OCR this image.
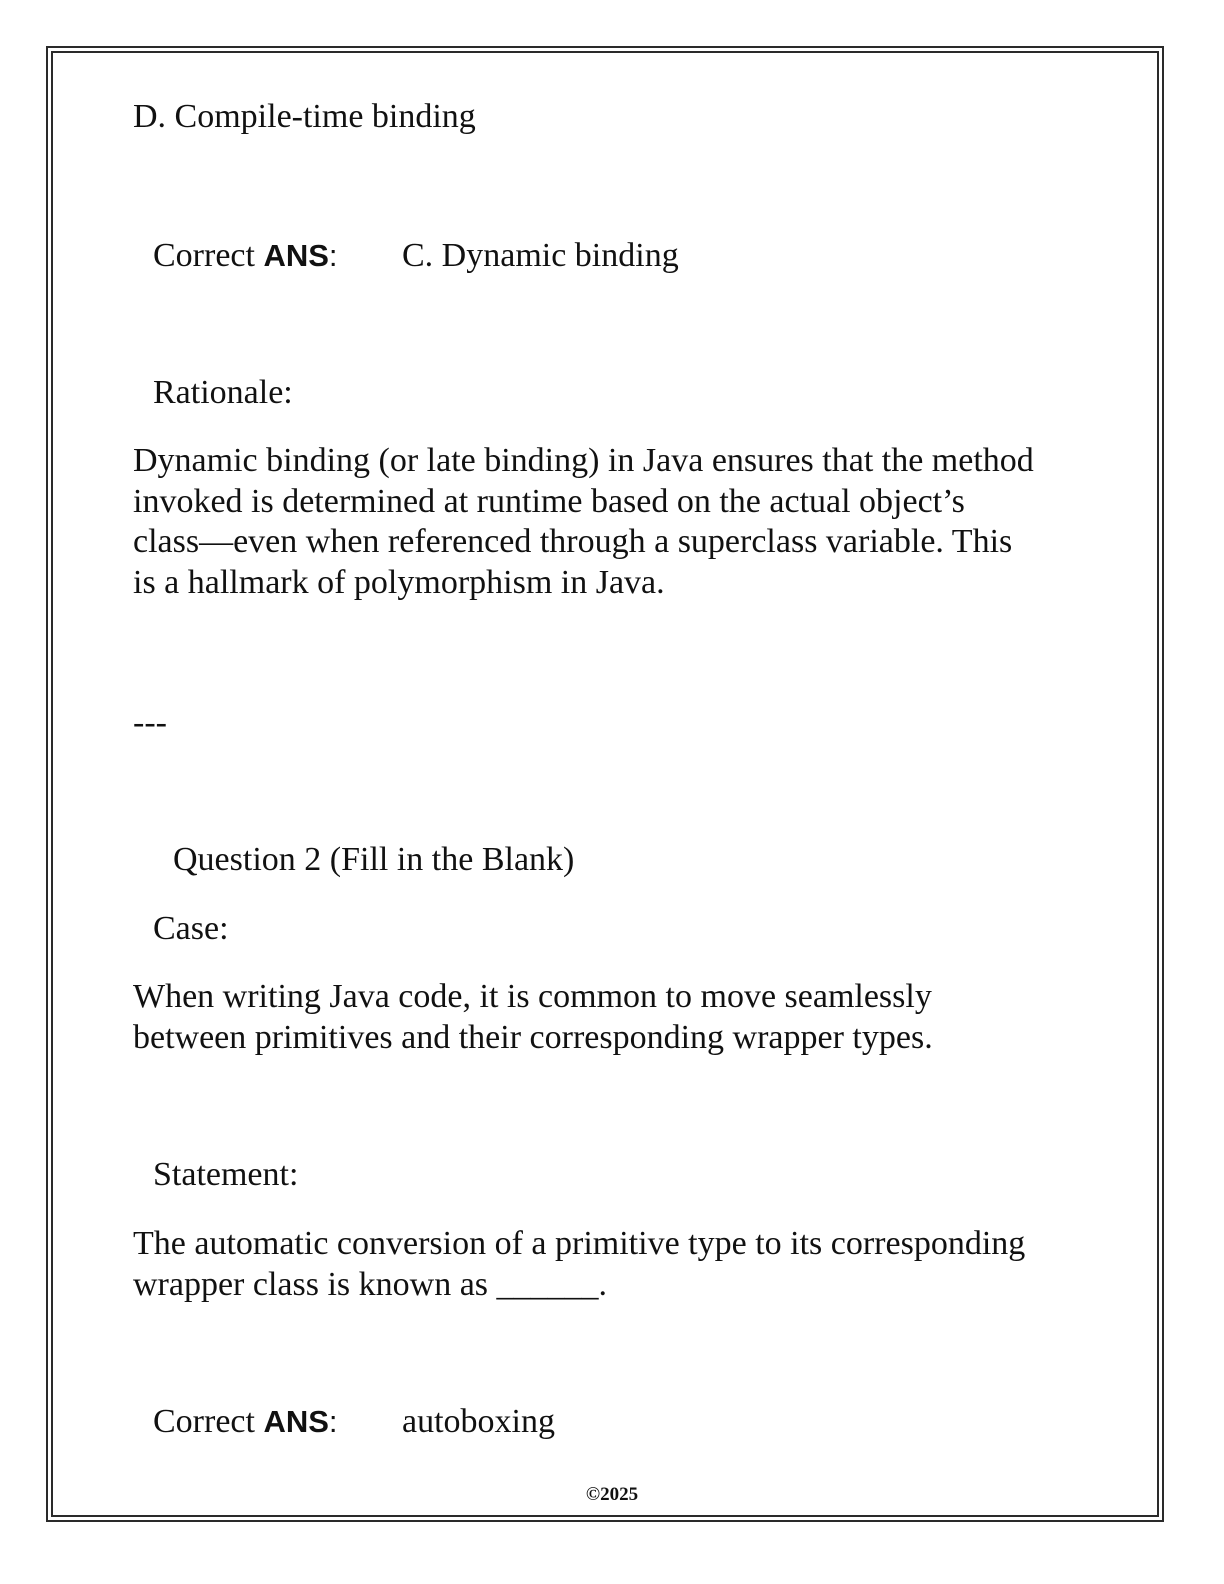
D. Compile-time binding
Correct ANS: C. Dynamic binding
Rationale:

Dynamic binding (or late binding) in Java ensures that the method

invoked is determined at runtime based on the actual object’s

class—even when referenced through a superclass variable. This

is a hallmark of polymorphism in Java.

---
Question 2 (Fill in the Blank)
Case:

When writing Java code, it is common to move seamlessly

between primitives and their corresponding wrapper types.

Statement:

The automatic conversion of a primitive type to its corresponding

wrapper class is known as ______.

Correct ANS: autoboxing
©2025
